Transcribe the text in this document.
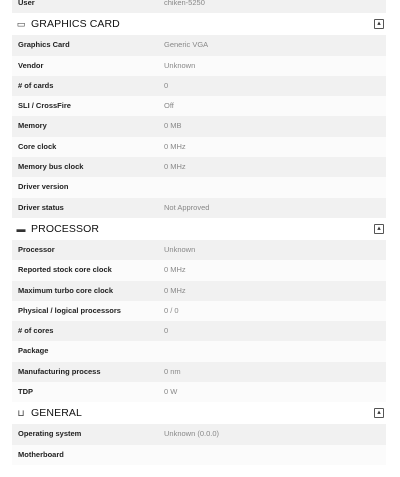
User	chiken-5250
▭ GRAPHICS CARD	▴
Graphics Card	Generic VGA
Vendor	Unknown
# of cards	0
SLI / CrossFire	Off
Memory	0 MB
Core clock	0 MHz
Memory bus clock	0 MHz
Driver version
Driver status	Not Approved
▬ PROCESSOR	▴
Processor	Unknown
Reported stock core clock	0 MHz
Maximum turbo core clock	0 MHz
Physical / logical processors	0 / 0
# of cores	0
Package
Manufacturing process	0 nm
TDP	0 W
⊔ GENERAL	▴
Operating system	Unknown (0.0.0)
Motherboard
